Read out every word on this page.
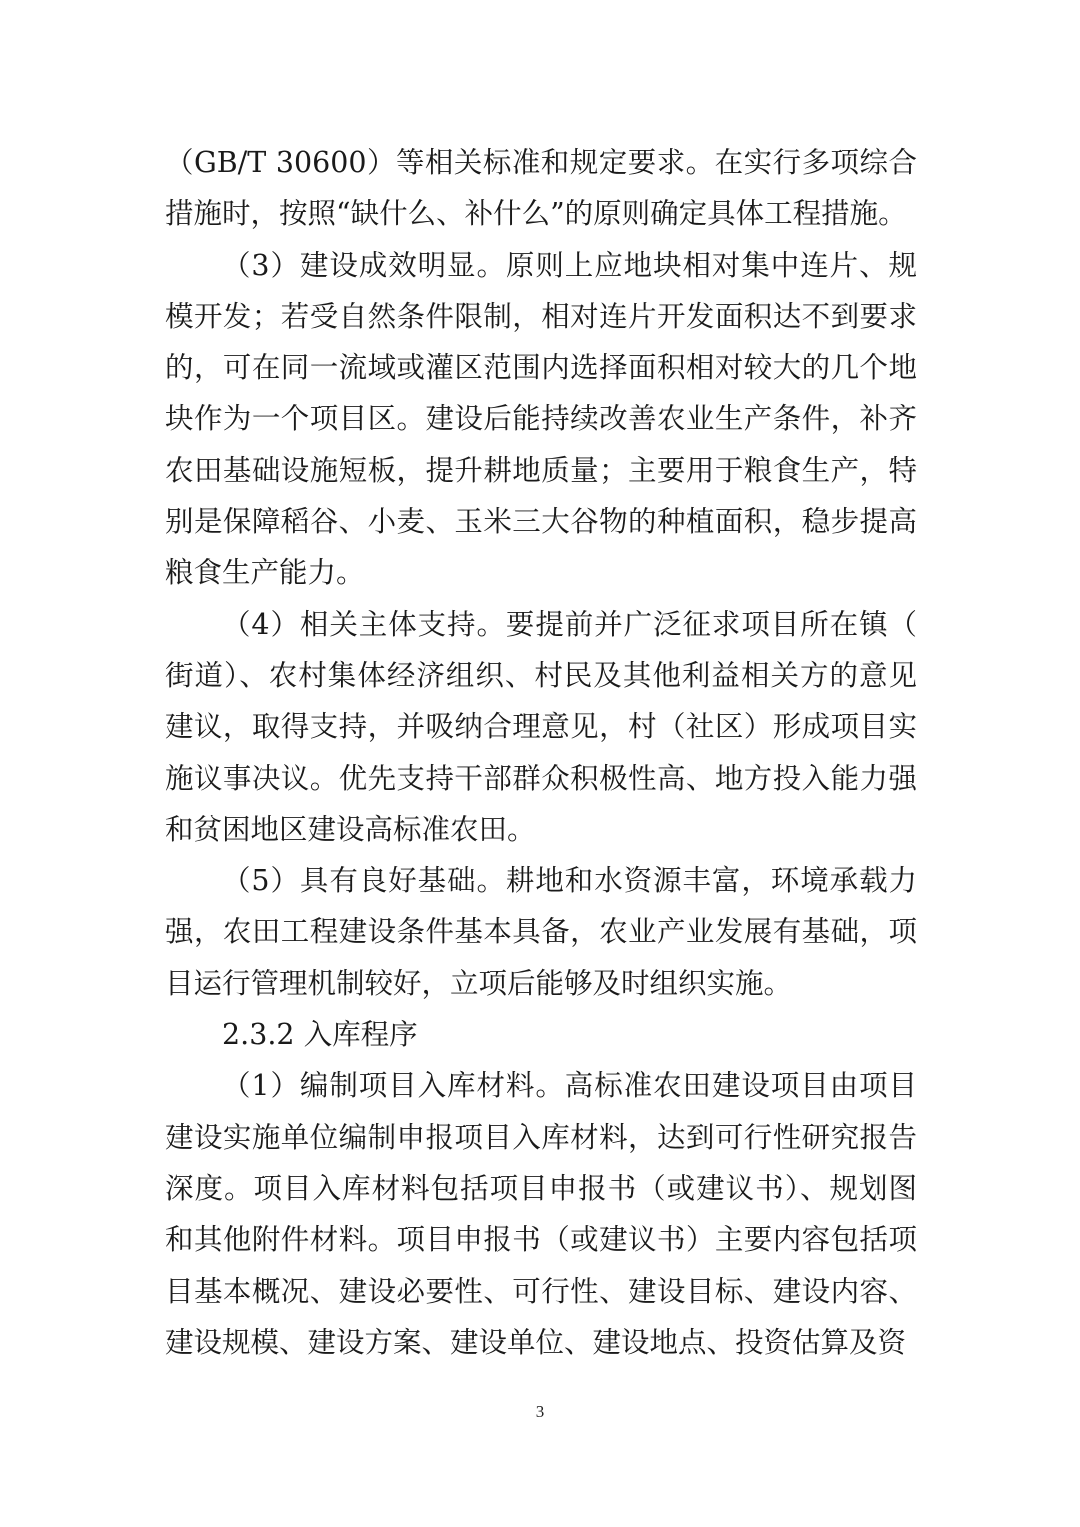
（GB/T 30600）等相关标准和规定要求。在实行多项综合措施时，按照“缺什么、补什么”的原则确定具体工程措施。

（3）建设成效明显。原则上应地块相对集中连片、规模开发；若受自然条件限制，相对连片开发面积达不到要求的，可在同一流域或灌区范围内选择面积相对较大的几个地块作为一个项目区。建设后能持续改善农业生产条件，补齐农田基础设施短板，提升耕地质量；主要用于粮食生产，特别是保障稻谷、小麦、玉米三大谷物的种植面积，稳步提高粮食生产能力。

（4）相关主体支持。要提前并广泛征求项目所在镇（街道）、农村集体经济组织、村民及其他利益相关方的意见建议，取得支持，并吸纳合理意见，村（社区）形成项目实施议事决议。优先支持干部群众积极性高、地方投入能力强和贫困地区建设高标准农田。

（5）具有良好基础。耕地和水资源丰富，环境承载力强，农田工程建设条件基本具备，农业产业发展有基础，项目运行管理机制较好，立项后能够及时组织实施。

2.3.2 入库程序

（1）编制项目入库材料。高标准农田建设项目由项目建设实施单位编制申报项目入库材料，达到可行性研究报告深度。项目入库材料包括项目申报书（或建议书）、规划图和其他附件材料。项目申报书（或建议书）主要内容包括项目基本概况、建设必要性、可行性、建设目标、建设内容、建设规模、建设方案、建设单位、建设地点、投资估算及资

3
